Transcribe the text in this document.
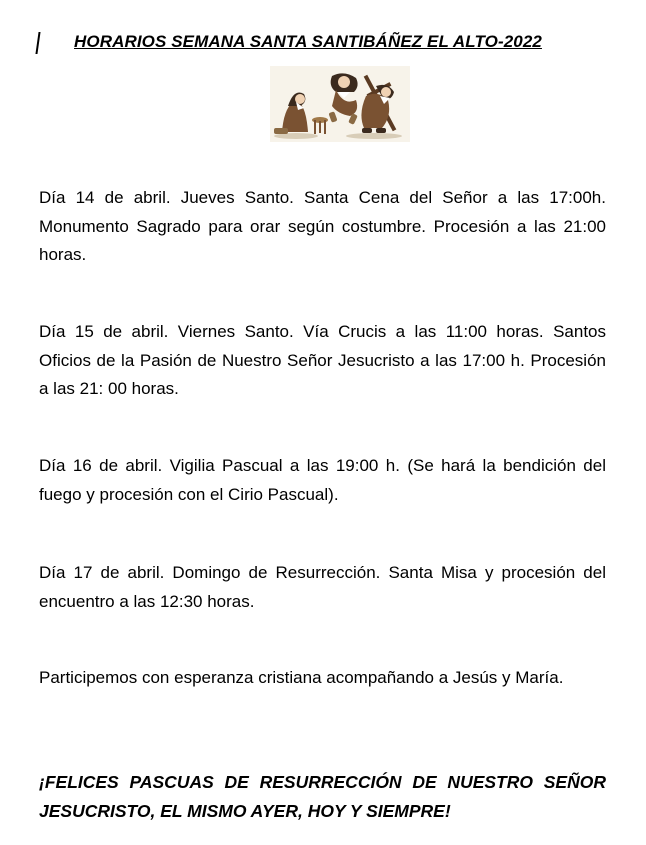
HORARIOS SEMANA SANTA SANTIBÁÑEZ EL ALTO-2022

Día 14 de abril. Jueves Santo. Santa Cena del Señor a las 17:00h. Monumento Sagrado para orar según costumbre. Procesión a las 21:00 horas.

Día 15 de abril. Viernes Santo. Vía Crucis a las 11:00 horas. Santos Oficios de la Pasión de Nuestro Señor Jesucristo a las 17:00 h. Procesión a las 21: 00 horas.

Día 16 de abril. Vigilia Pascual a las 19:00 h. (Se hará la bendición del fuego y procesión con el Cirio Pascual).

Día 17 de abril. Domingo de Resurrección. Santa Misa y procesión del encuentro a las 12:30 horas.

Participemos con esperanza cristiana acompañando a Jesús y María.

¡FELICES PASCUAS DE RESURRECCIÓN DE NUESTRO SEÑOR JESUCRISTO, EL MISMO AYER, HOY Y SIEMPRE!
